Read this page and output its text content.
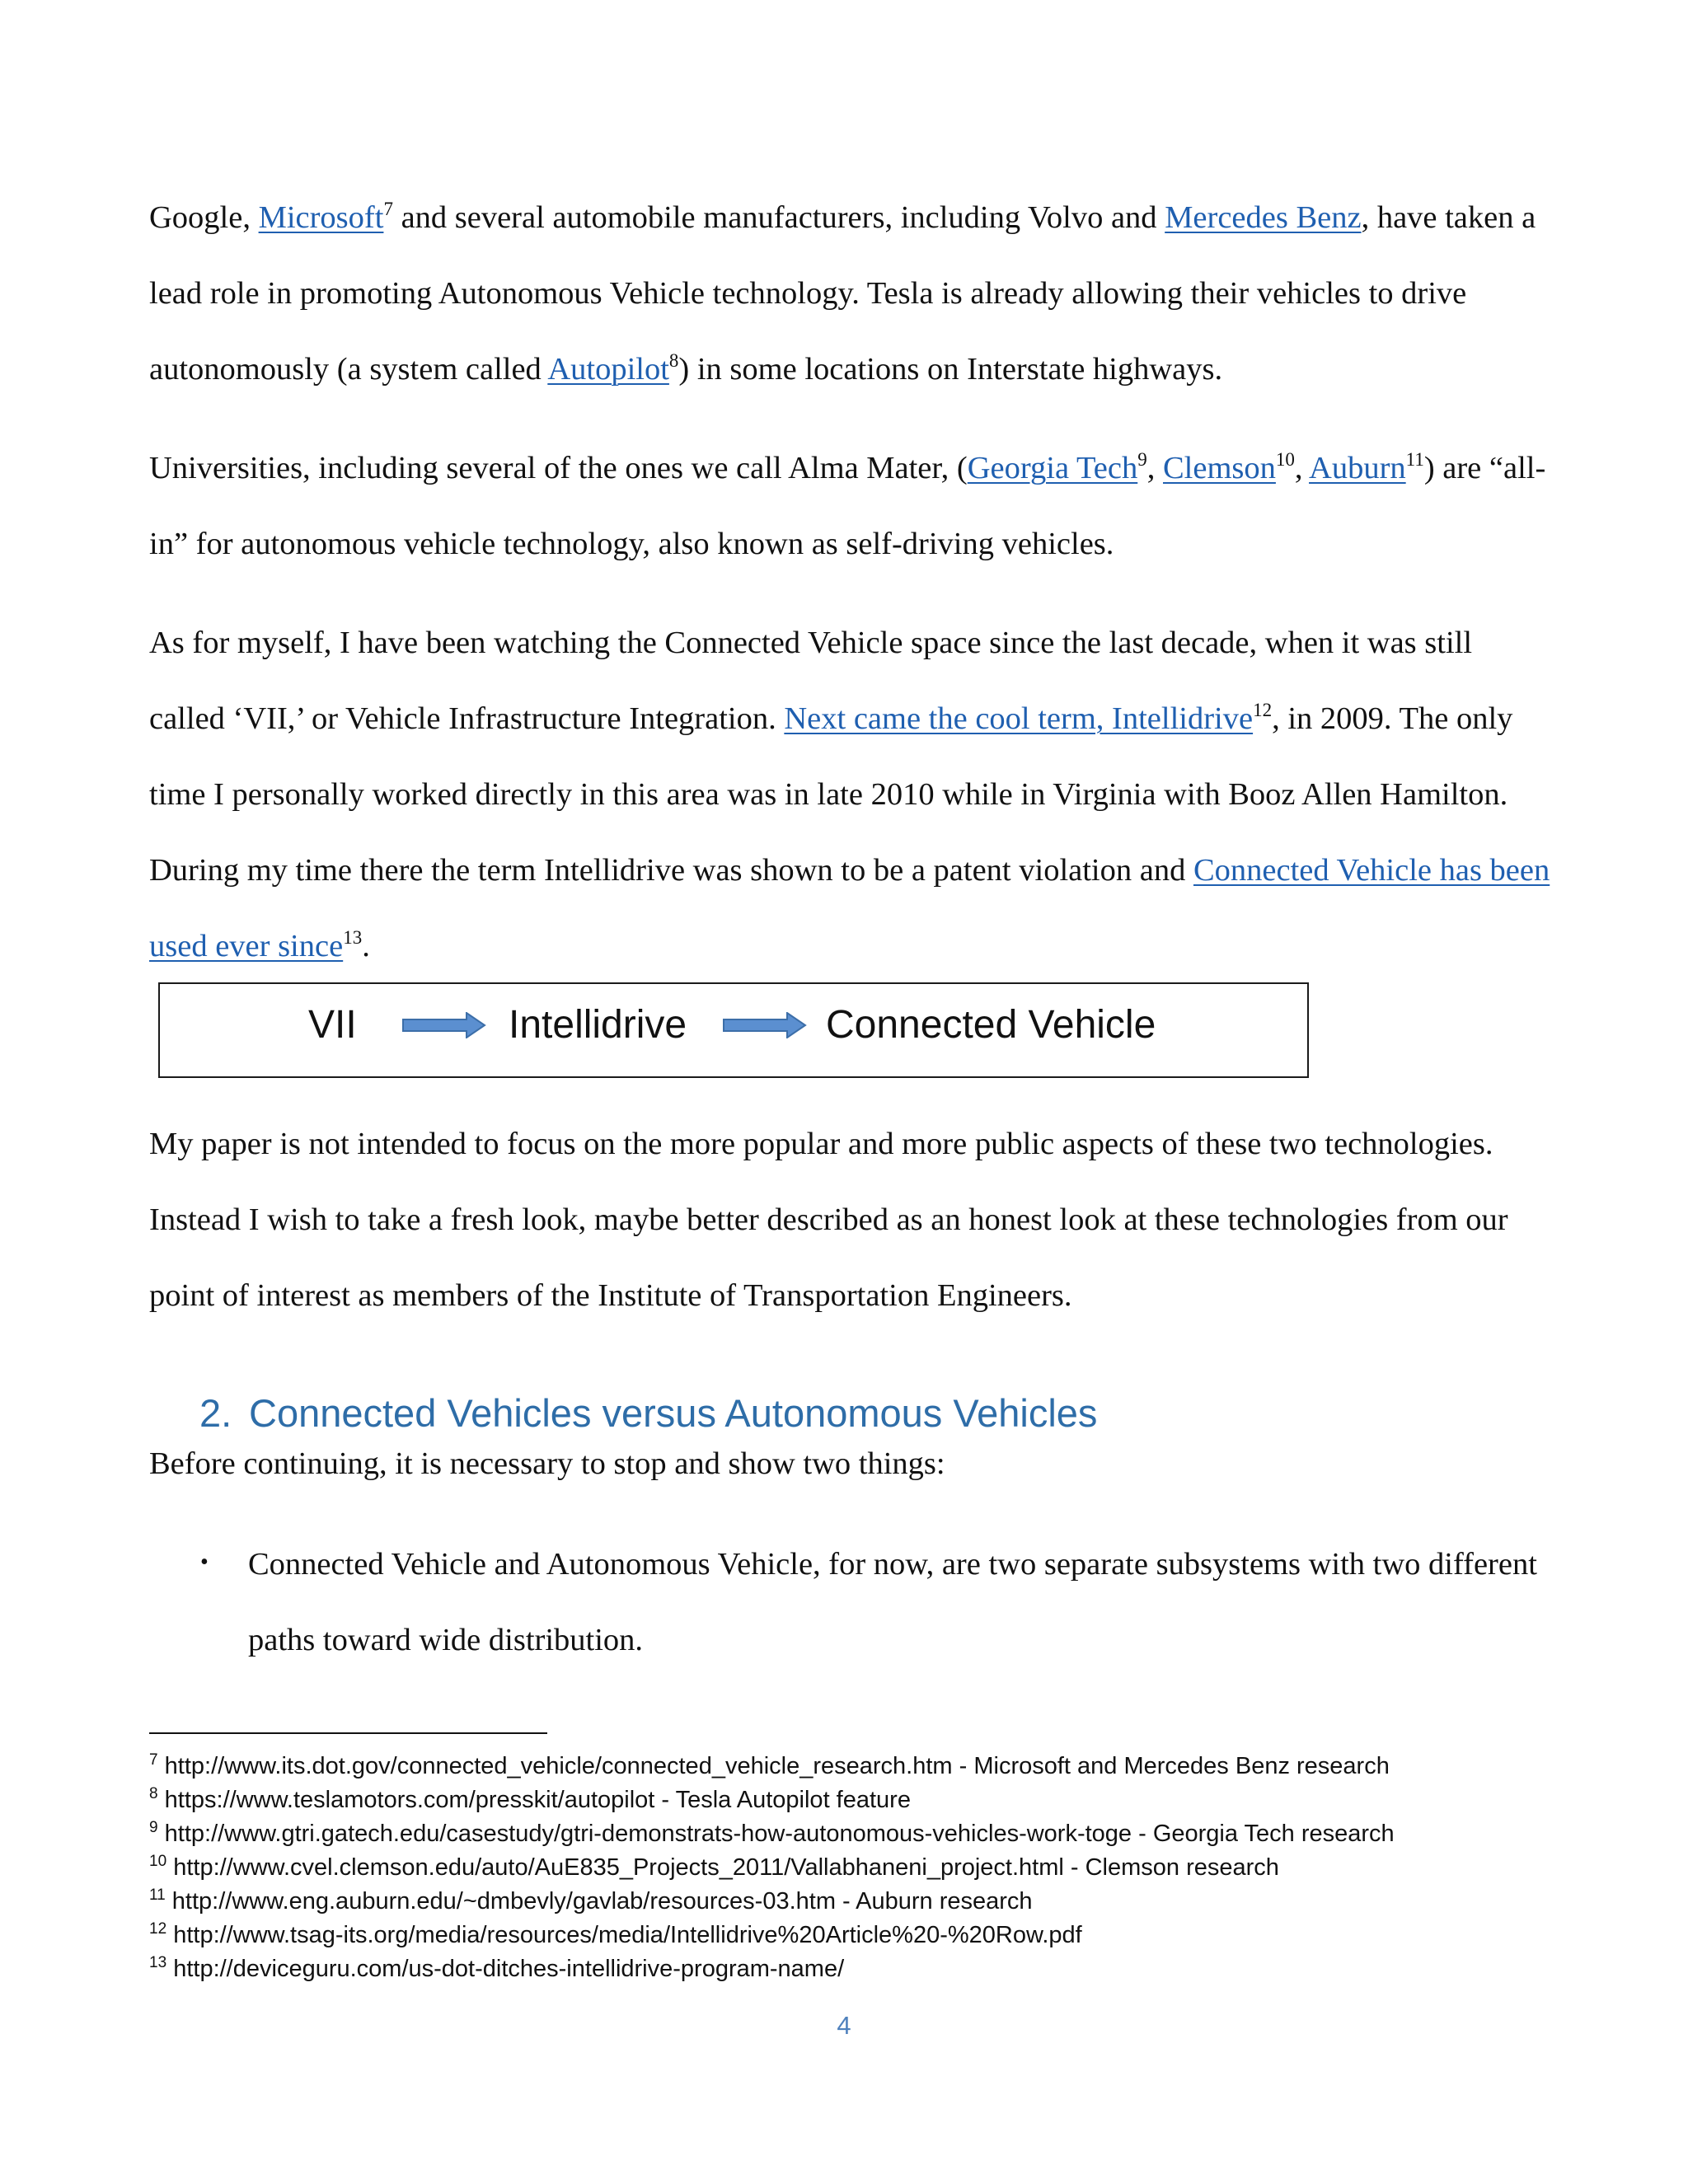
Google, Microsoft$^7$ and several automobile manufacturers, including Volvo and Mercedes Benz, have taken a lead role in promoting Autonomous Vehicle technology. Tesla is already allowing their vehicles to drive autonomously (a system called Autopilot$^8$) in some locations on Interstate highways.

Universities, including several of the ones we call Alma Mater, (Georgia Tech$^9$, Clemson$^{10}$, Auburn$^{11}$) are “all-in” for autonomous vehicle technology, also known as self-driving vehicles.

As for myself, I have been watching the Connected Vehicle space since the last decade, when it was still called ‘VII,’ or Vehicle Infrastructure Integration. Next came the cool term, Intellidrive$^{12}$, in 2009. The only time I personally worked directly in this area was in late 2010 while in Virginia with Booz Allen Hamilton. During my time there the term Intellidrive was shown to be a patent violation and Connected Vehicle has been used ever since$^{13}$.

VII	Intellidrive	Connected Vehicle

My paper is not intended to focus on the more popular and more public aspects of these two technologies. Instead I wish to take a fresh look, maybe better described as an honest look at these technologies from our point of interest as members of the Institute of Transportation Engineers.

2. Connected Vehicles versus Autonomous Vehicles

Before continuing, it is necessary to stop and show two things:

• Connected Vehicle and Autonomous Vehicle, for now, are two separate subsystems with two different paths toward wide distribution.

$^7$ http://www.its.dot.gov/connected_vehicle/connected_vehicle_research.htm - Microsoft and Mercedes Benz research

$^8$ https://www.teslamotors.com/presskit/autopilot - Tesla Autopilot feature

$^9$ http://www.gtri.gatech.edu/casestudy/gtri-demonstrats-how-autonomous-vehicles-work-toge - Georgia Tech research

$^{10}$ http://www.cvel.clemson.edu/auto/AuE835_Projects_2011/Vallabhaneni_project.html - Clemson research

$^{11}$ http://www.eng.auburn.edu/~dmbevly/gavlab/resources-03.htm - Auburn research

$^{12}$ http://www.tsag-its.org/media/resources/media/Intellidrive%20Article%20-%20Row.pdf

$^{13}$ http://deviceguru.com/us-dot-ditches-intellidrive-program-name/

4
